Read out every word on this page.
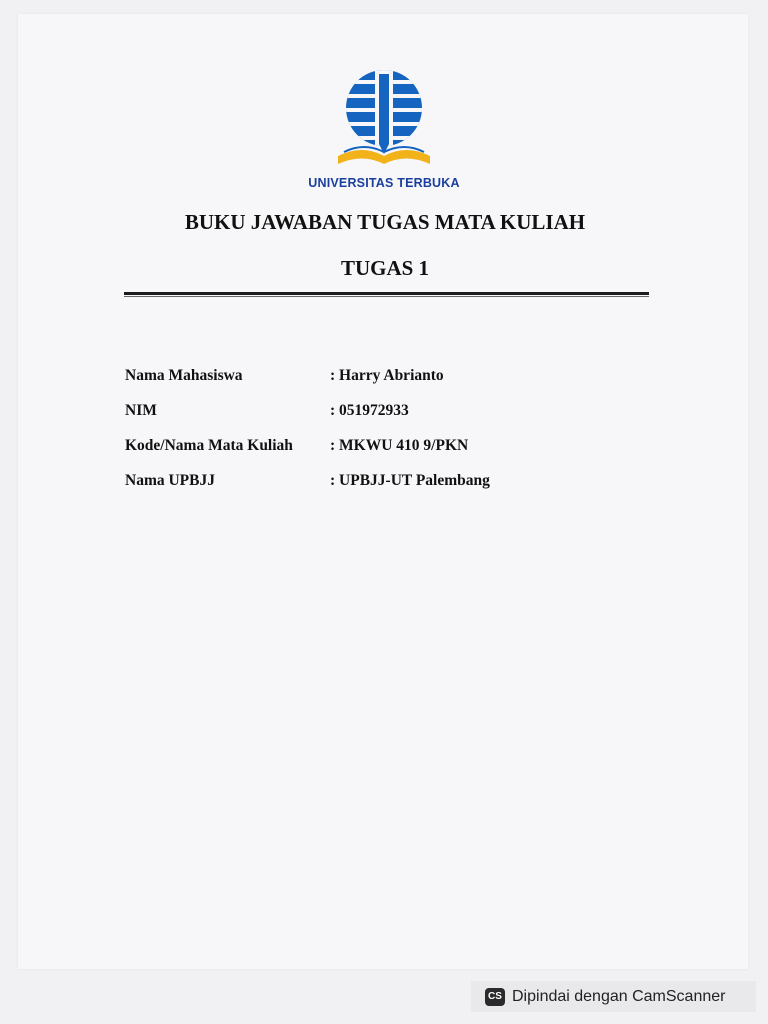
UNIVERSITAS TERBUKA
BUKU JAWABAN TUGAS MATA KULIAH
TUGAS 1
Nama Mahasiswa	: Harry Abrianto
NIM	: 051972933
Kode/Nama Mata Kuliah	: MKWU 410 9/PKN
Nama UPBJJ	: UPBJJ-UT Palembang
CS Dipindai dengan CamScanner
